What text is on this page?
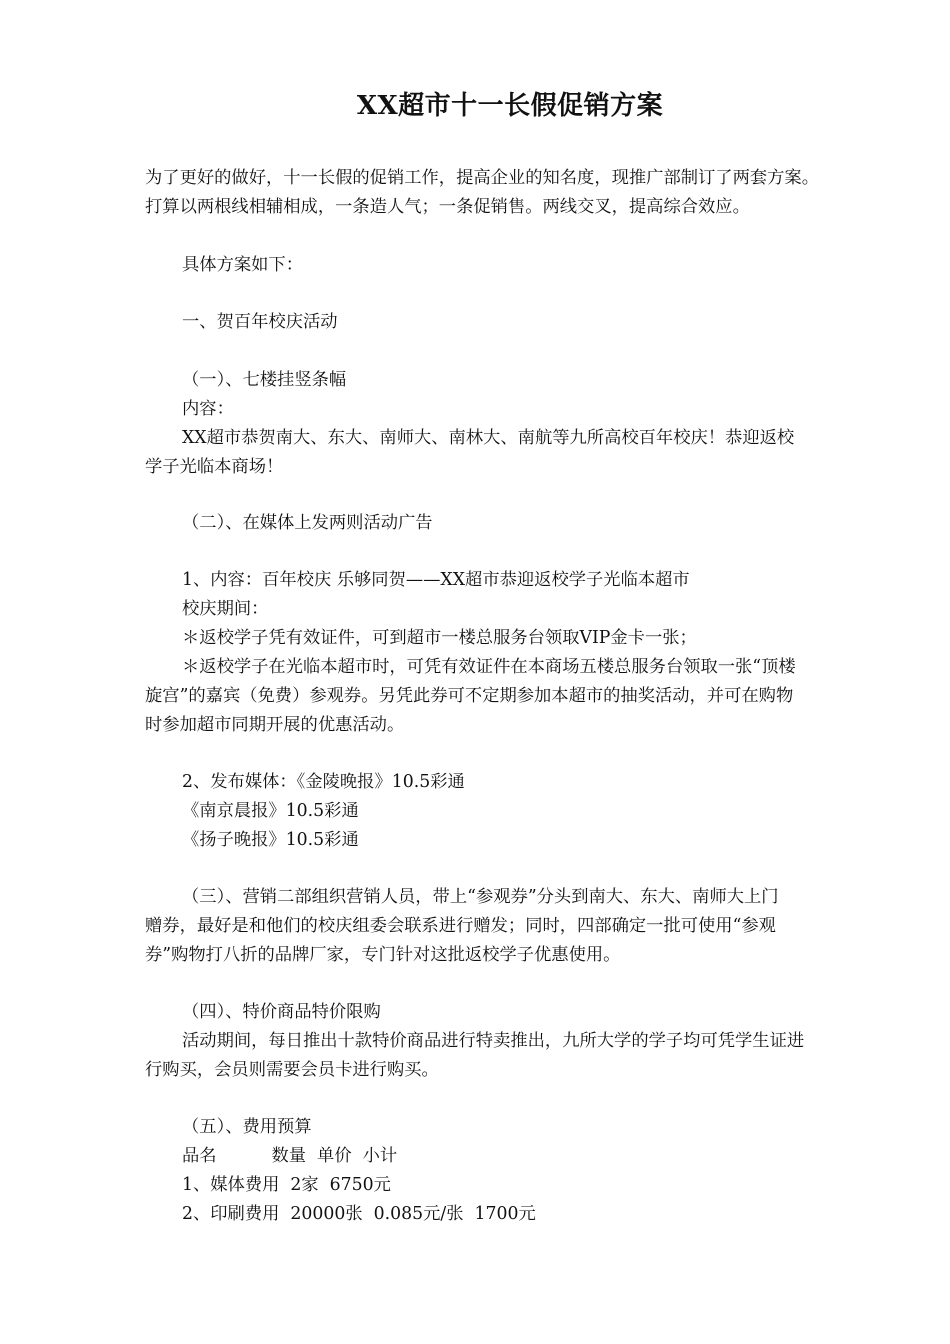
XX超市十一长假促销方案

为了更好的做好，十一长假的促销工作，提高企业的知名度，现推广部制订了两套方案。

打算以两根线相辅相成，一条造人气；一条促销售。两线交叉，提高综合效应。

具体方案如下：

一、贺百年校庆活动

（一）、七楼挂竖条幅

内容：

XX超市恭贺南大、东大、南师大、南林大、南航等九所高校百年校庆！恭迎返校

学子光临本商场！

（二）、在媒体上发两则活动广告

1、内容：百年校庆 乐够同贺——XX超市恭迎返校学子光临本超市

校庆期间：

＊返校学子凭有效证件，可到超市一楼总服务台领取VIP金卡一张；

＊返校学子在光临本超市时，可凭有效证件在本商场五楼总服务台领取一张“顶楼

旋宫”的嘉宾（免费）参观券。另凭此券可不定期参加本超市的抽奖活动，并可在购物

时参加超市同期开展的优惠活动。

2、发布媒体：《金陵晚报》10.5彩通

《南京晨报》10.5彩通

《扬子晚报》10.5彩通

（三）、营销二部组织营销人员，带上“参观券”分头到南大、东大、南师大上门

赠券，最好是和他们的校庆组委会联系进行赠发；同时，四部确定一批可使用“参观

券”购物打八折的品牌厂家，专门针对这批返校学子优惠使用。

（四）、特价商品特价限购

活动期间，每日推出十款特价商品进行特卖推出，九所大学的学子均可凭学生证进

行购买，会员则需要会员卡进行购买。

（五）、费用预算

品名          数量  单价  小计

1、媒体费用  2家  6750元

2、印刷费用  20000张  0.085元/张  1700元
